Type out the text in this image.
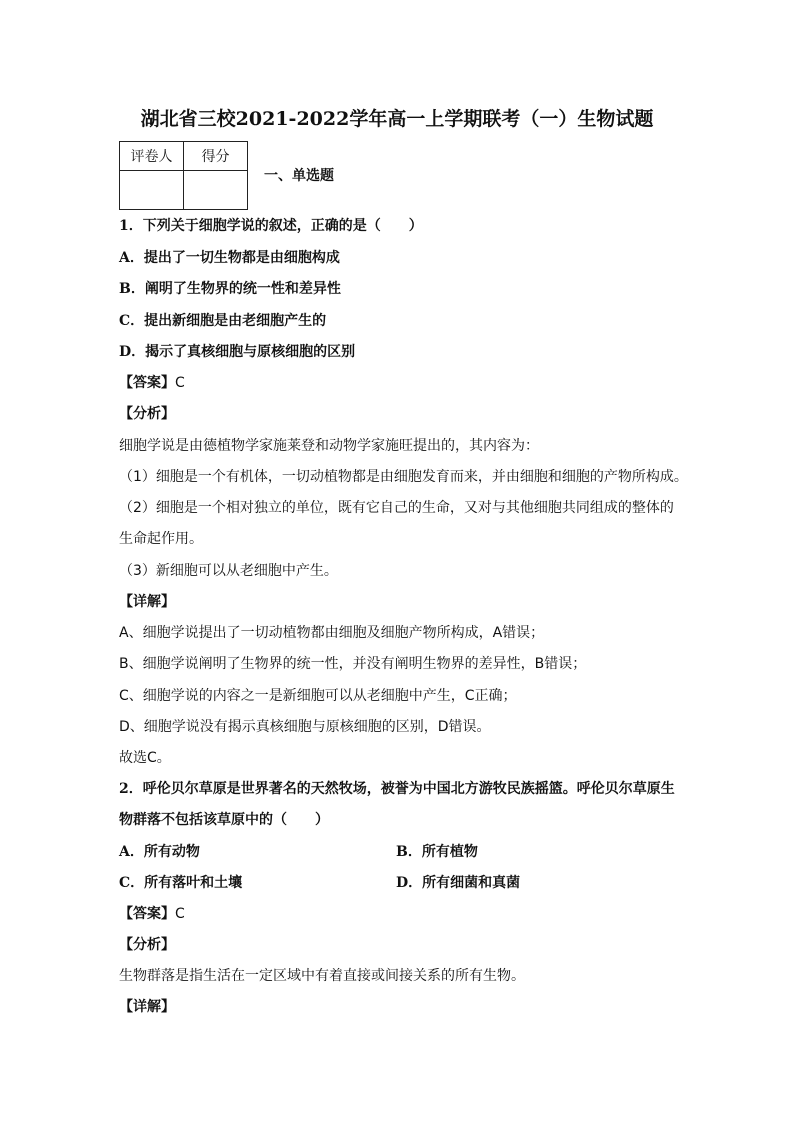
湖北省三校2021-2022学年高一上学期联考（一）生物试题
评卷人	得分

一、单选题
1．下列关于细胞学说的叙述，正确的是（　　）
A．提出了一切生物都是由细胞构成
B．阐明了生物界的统一性和差异性
C．提出新细胞是由老细胞产生的
D．揭示了真核细胞与原核细胞的区别
【答案】C
【分析】
细胞学说是由德植物学家施莱登和动物学家施旺提出的，其内容为：
（1）细胞是一个有机体，一切动植物都是由细胞发育而来，并由细胞和细胞的产物所构成。
（2）细胞是一个相对独立的单位，既有它自己的生命，又对与其他细胞共同组成的整体的
生命起作用。
（3）新细胞可以从老细胞中产生。
【详解】
A、细胞学说提出了一切动植物都由细胞及细胞产物所构成，A错误；
B、细胞学说阐明了生物界的统一性，并没有阐明生物界的差异性，B错误；
C、细胞学说的内容之一是新细胞可以从老细胞中产生，C正确；
D、细胞学说没有揭示真核细胞与原核细胞的区别，D错误。
故选C。
2．呼伦贝尔草原是世界著名的天然牧场，被誉为中国北方游牧民族摇篮。呼伦贝尔草原生
物群落不包括该草原中的（　　）
A．所有动物	B．所有植物
C．所有落叶和土壤	D．所有细菌和真菌
【答案】C
【分析】
生物群落是指生活在一定区域中有着直接或间接关系的所有生物。
【详解】
